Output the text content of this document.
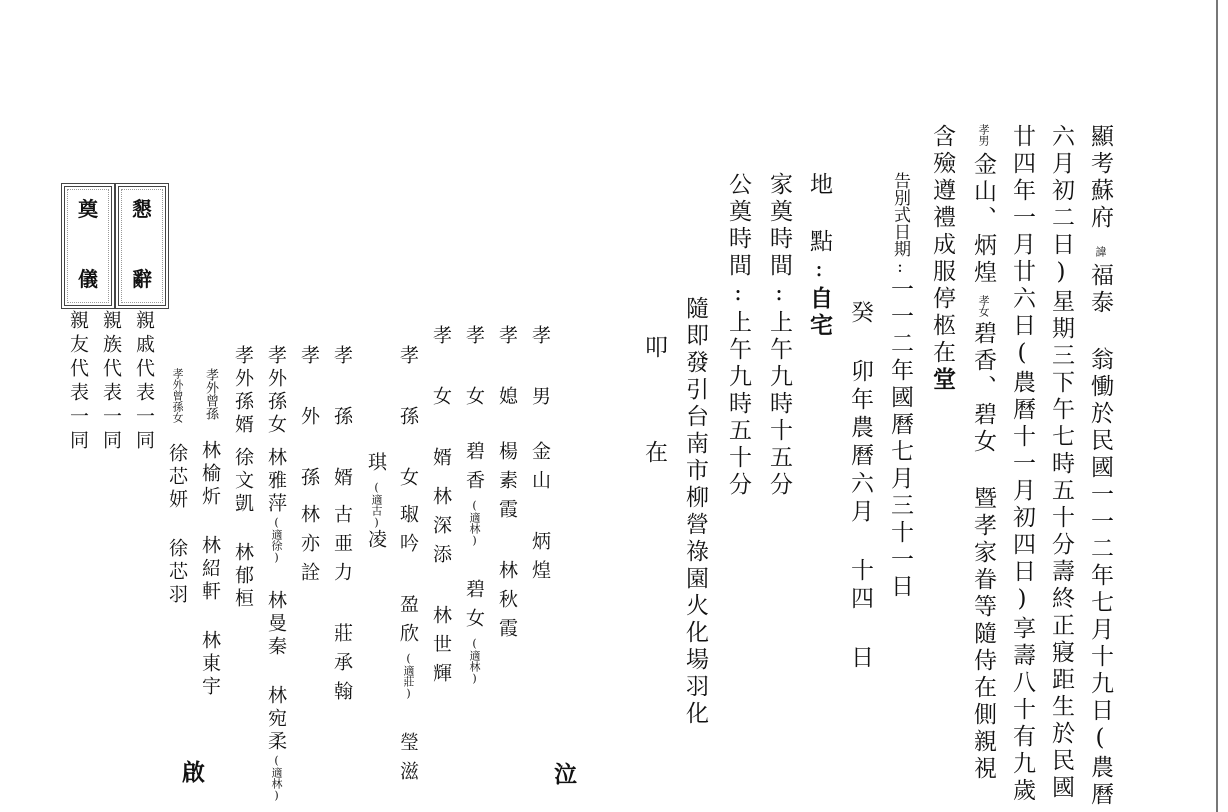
顯考蘇府諱福泰 翁慟於民國一一二年七月十九日(農曆
六月初二日)星期三下午七時五十分壽終正寢距生於民國
廿四年一月廿六日(農曆十一月初四日)享壽八十有九歲
孝男金山、炳煌孝女碧香、碧女 暨孝家眷等隨侍在側親視
含殮遵禮成服停柩在堂
告別式日期:一一二年國曆七月三十一日
癸 卯年農曆六月 十四 日
地 點:自宅
家奠時間:上午九時十五分
公奠時間:上午九時五十分
隨即發引台南市柳營祿園火化場羽化
叩 在
泣
啟
孝 男金山 炳煌
孝 媳楊素霞 林秋霞
孝 女碧香(適林) 碧女(適林)
孝 女 婿林深添 林世輝
孝 孫 女琡吟 盈欣(適莊) 瑩滋
琪(適古)凌
孝 孫 婿古亜力 莊承翰
孝 外 孫林亦詮
孝外孫女林雅萍(適徐) 林曼秦 林宛柔(適林)
孝外孫婿徐文凱 林郁桓
孝外曾孫林榆炘 林紹軒 林東宇
孝外曾孫女徐芯妍 徐芯羽
親戚代表一同
親族代表一同
親友代表一同
懇
辭
奠
儀
